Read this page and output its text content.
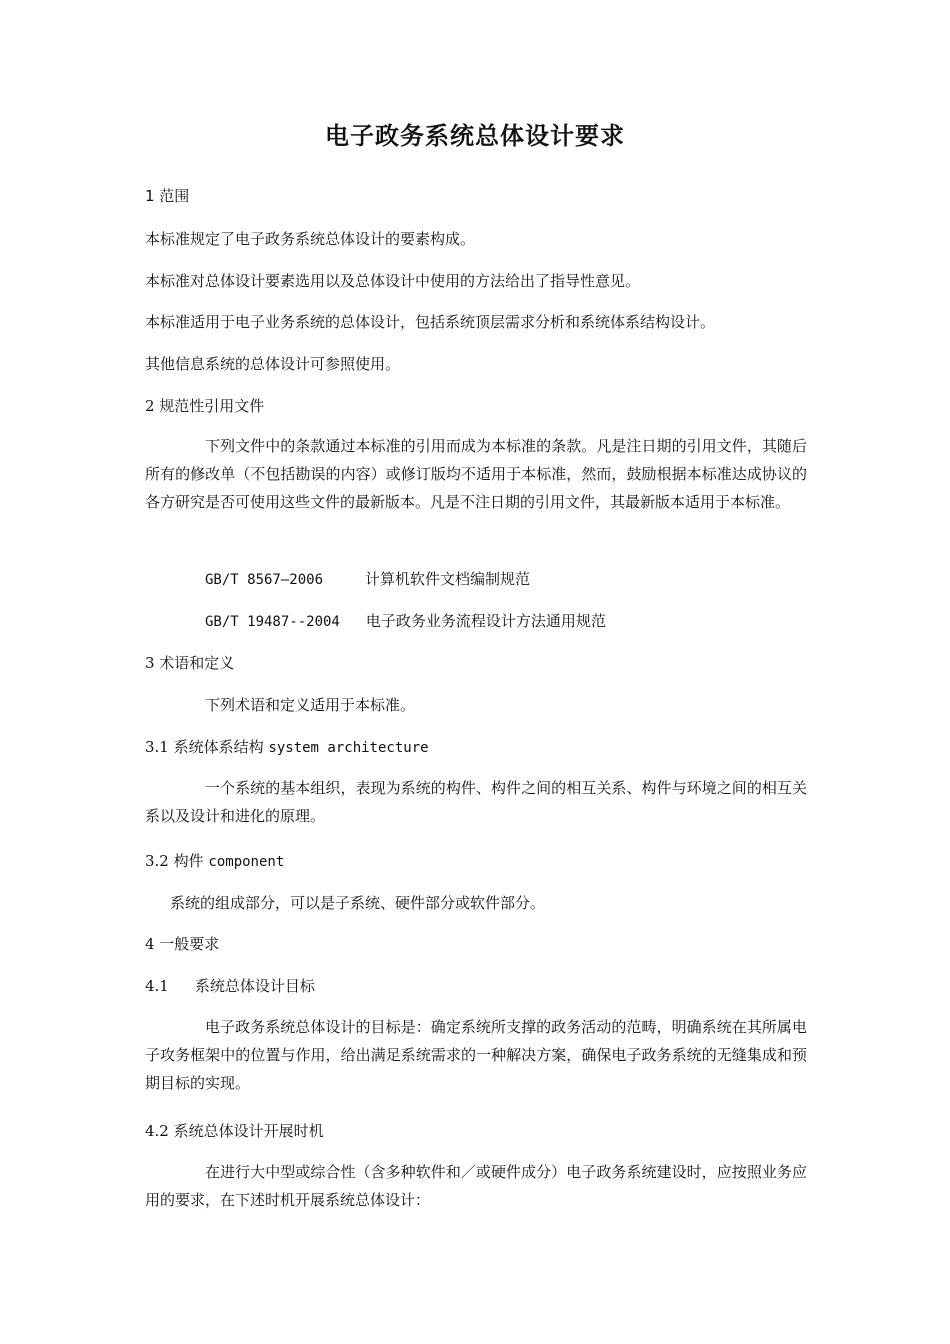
电子政务系统总体设计要求
1 范围
本标准规定了电子政务系统总体设计的要素构成。
本标准对总体设计要素选用以及总体设计中使用的方法给出了指导性意见。
本标准适用于电子业务系统的总体设计，包括系统顶层需求分析和系统体系结构设计。
其他信息系统的总体设计可参照使用。
2 规范性引用文件
下列文件中的条款通过本标准的引用而成为本标准的条款。凡是注日期的引用文件，其随后所有的修改单（不包括勘误的内容）或修订版均不适用于本标准，然而，鼓励根据本标准达成协议的各方研究是否可使用这些文件的最新版本。凡是不注日期的引用文件，其最新版本适用于本标准。
GB/T 8567—2006	计算机软件文档编制规范
GB/T 19487--2004 电子政务业务流程设计方法通用规范
3 术语和定义
下列术语和定义适用于本标准。
3.1 系统体系结构 system architecture
一个系统的基本组织，表现为系统的构件、构件之间的相互关系、构件与环境之间的相互关系以及设计和进化的原理。
3.2 构件 component
系统的组成部分，可以是子系统、硬件部分或软件部分。
4 一般要求
4.1 系统总体设计目标
电子政务系统总体设计的目标是：确定系统所支撑的政务活动的范畴，明确系统在其所属电子攻务框架中的位置与作用，给出满足系统需求的一种解决方案，确保电子政务系统的无缝集成和预期目标的实现。
4.2 系统总体设计开展时机
在进行大中型或综合性（含多种软件和／或硬件成分）电子政务系统建设时，应按照业务应用的要求，在下述时机开展系统总体设计：
